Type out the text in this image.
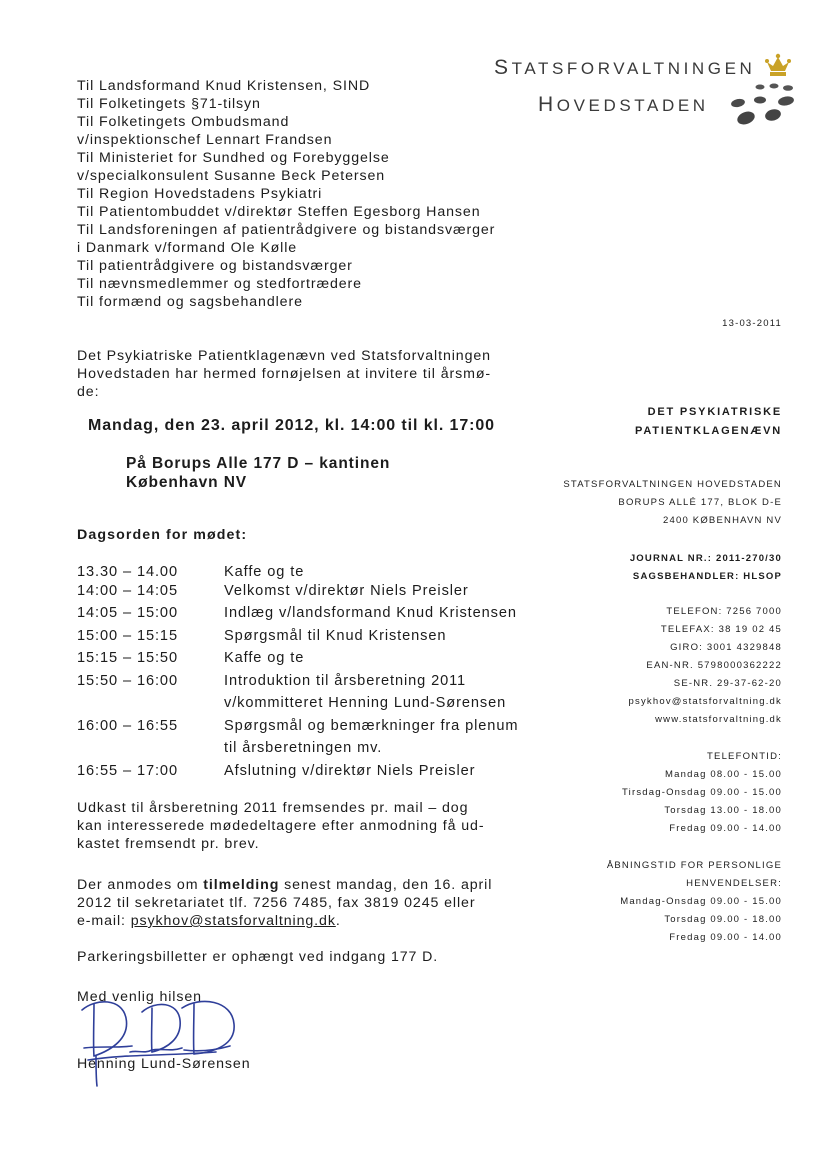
STATSFORVALTNINGEN
HOVEDSTADEN
Til Landsformand Knud Kristensen, SIND
Til Folketingets §71-tilsyn
Til Folketingets Ombudsmand
v/inspektionschef Lennart Frandsen
Til Ministeriet for Sundhed og Forebyggelse
v/specialkonsulent Susanne Beck Petersen
Til Region Hovedstadens Psykiatri
Til Patientombuddet v/direktør Steffen Egesborg Hansen
Til Landsforeningen af patientrådgivere og bistandsværger
i Danmark v/formand Ole Kølle
Til patientrådgivere og bistandsværger
Til nævnsmedlemmer og stedfortrædere
Til formænd og sagsbehandlere
13-03-2011
DET PSYKIATRISKE
PATIENTKLAGENÆVN
STATSFORVALTNINGEN HOVEDSTADEN
BORUPS ALLÉ 177, BLOK D-E
2400 KØBENHAVN NV
JOURNAL NR.: 2011-270/30
SAGSBEHANDLER: HLSOP
TELEFON: 7256 7000
TELEFAX: 38 19 02 45
GIRO: 3001 4329848
EAN-NR. 5798000362222
SE-NR. 29-37-62-20
psykhov@statsforvaltning.dk
www.statsforvaltning.dk
TELEFONTID:
Mandag 08.00 - 15.00
Tirsdag-Onsdag 09.00 - 15.00
Torsdag 13.00 - 18.00
Fredag 09.00 - 14.00
ÅBNINGSTID FOR PERSONLIGE
HENVENDELSER:
Mandag-Onsdag 09.00 - 15.00
Torsdag 09.00 - 18.00
Fredag 09.00 - 14.00
Det Psykiatriske Patientklagenævn ved Statsforvaltningen
Hovedstaden har hermed fornøjelsen at invitere til årsmø-
de:
Mandag, den 23. april 2012, kl. 14:00 til kl. 17:00
På Borups Alle 177 D – kantinen
København NV
Dagsorden for mødet:
13.30 – 14.00	Kaffe og te
14:00 – 14:05	Velkomst v/direktør Niels Preisler
14:05 – 15:00	Indlæg v/landsformand Knud Kristensen
15:00 – 15:15	Spørgsmål til Knud Kristensen
15:15 – 15:50	Kaffe og te
15:50 – 16:00	Introduktion til årsberetning 2011
v/kommitteret Henning Lund-Sørensen
16:00 – 16:55	Spørgsmål og bemærkninger fra plenum
til årsberetningen mv.
16:55 – 17:00	Afslutning v/direktør Niels Preisler
Udkast til årsberetning 2011 fremsendes pr. mail – dog
kan interesserede mødedeltagere efter anmodning få ud-
kastet fremsendt pr. brev.
Der anmodes om tilmelding senest mandag, den 16. april
2012 til sekretariatet tlf. 7256 7485, fax 3819 0245 eller
e-mail: psykhov@statsforvaltning.dk.
Parkeringsbilletter er ophængt ved indgang 177 D.
Med venlig hilsen
Henning Lund-Sørensen
